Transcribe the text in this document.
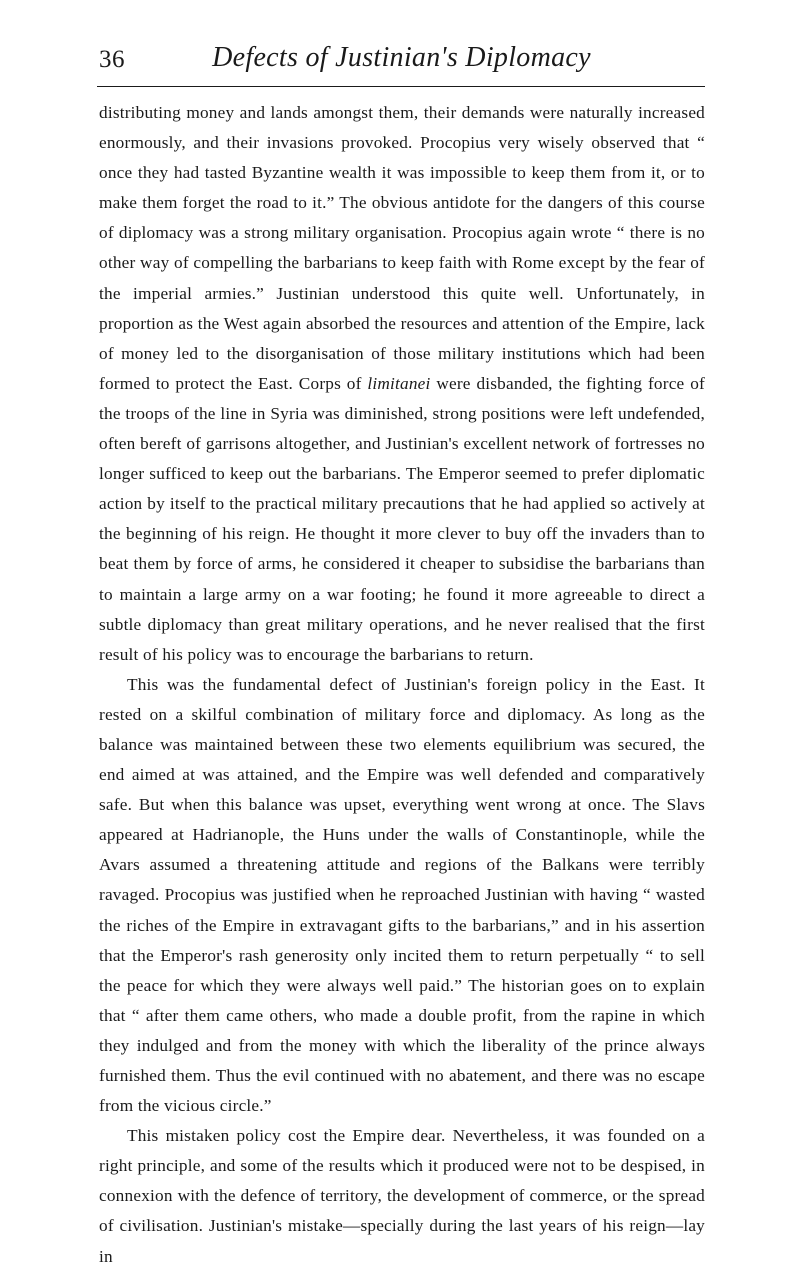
36	Defects of Justinian's Diplomacy

distributing money and lands amongst them, their demands were naturally increased enormously, and their invasions provoked. Procopius very wisely observed that “ once they had tasted Byzantine wealth it was impossible to keep them from it, or to make them forget the road to it.” The obvious antidote for the dangers of this course of diplomacy was a strong military organisation. Procopius again wrote “ there is no other way of compelling the barbarians to keep faith with Rome except by the fear of the imperial armies.” Justinian understood this quite well. Unfortunately, in proportion as the West again absorbed the resources and attention of the Empire, lack of money led to the disorganisation of those military institutions which had been formed to protect the East. Corps of limitanei were disbanded, the fighting force of the troops of the line in Syria was diminished, strong positions were left undefended, often bereft of garrisons altogether, and Justinian's excellent network of fortresses no longer sufficed to keep out the barbarians. The Emperor seemed to prefer diplomatic action by itself to the practical military precautions that he had applied so actively at the beginning of his reign. He thought it more clever to buy off the invaders than to beat them by force of arms, he considered it cheaper to subsidise the barbarians than to maintain a large army on a war footing; he found it more agreeable to direct a subtle diplomacy than great military operations, and he never realised that the first result of his policy was to encourage the barbarians to return.

This was the fundamental defect of Justinian's foreign policy in the East. It rested on a skilful combination of military force and diplomacy. As long as the balance was maintained between these two elements equilibrium was secured, the end aimed at was attained, and the Empire was well defended and comparatively safe. But when this balance was upset, everything went wrong at once. The Slavs appeared at Hadrianople, the Huns under the walls of Constantinople, while the Avars assumed a threatening attitude and regions of the Balkans were terribly ravaged. Procopius was justified when he reproached Justinian with having “ wasted the riches of the Empire in extravagant gifts to the barbarians,” and in his assertion that the Emperor's rash generosity only incited them to return perpetually “ to sell the peace for which they were always well paid.” The historian goes on to explain that “ after them came others, who made a double profit, from the rapine in which they indulged and from the money with which the liberality of the prince always furnished them. Thus the evil continued with no abatement, and there was no escape from the vicious circle.”

This mistaken policy cost the Empire dear. Nevertheless, it was founded on a right principle, and some of the results which it produced were not to be despised, in connexion with the defence of territory, the development of commerce, or the spread of civilisation. Justinian's mistake—specially during the last years of his reign—lay in
